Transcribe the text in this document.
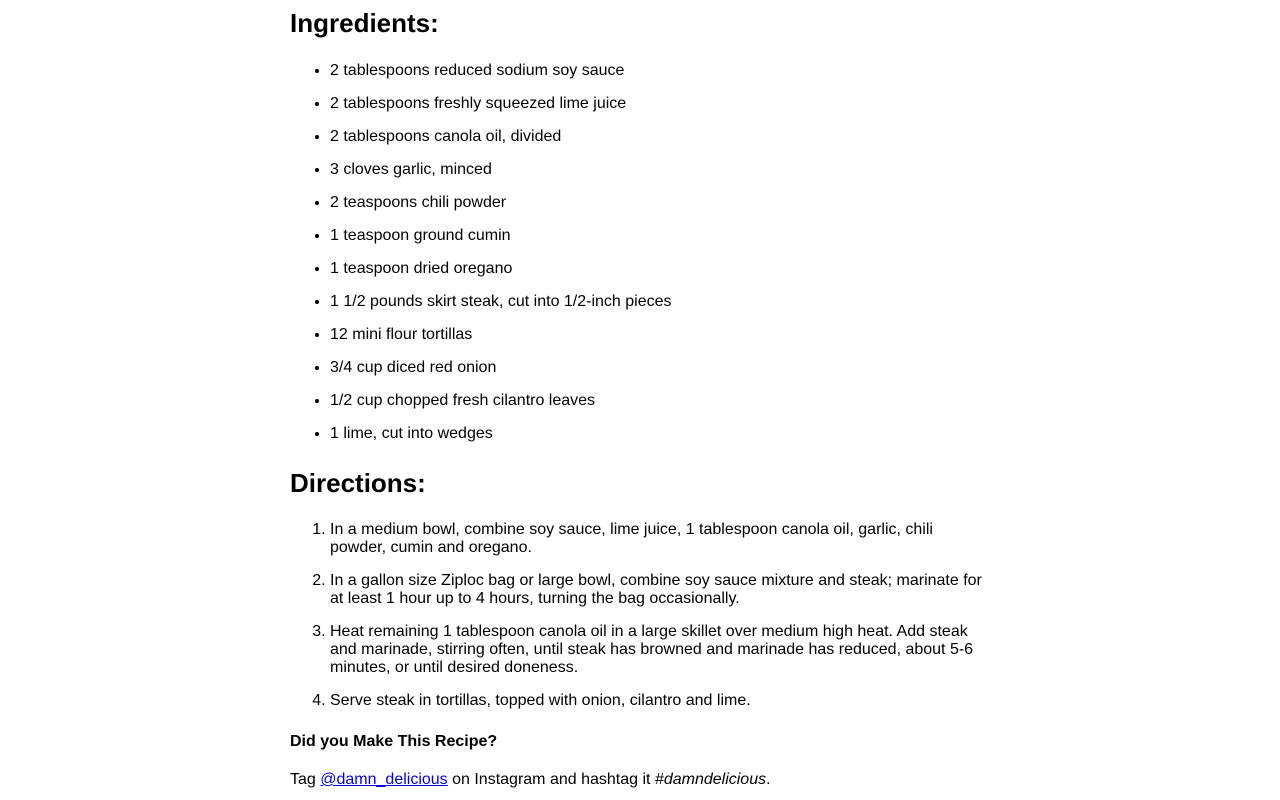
Ingredients:
• 2 tablespoons reduced sodium soy sauce
• 2 tablespoons freshly squeezed lime juice
• 2 tablespoons canola oil, divided
• 3 cloves garlic, minced
• 2 teaspoons chili powder
• 1 teaspoon ground cumin
• 1 teaspoon dried oregano
• 1 1/2 pounds skirt steak, cut into 1/2-inch pieces
• 12 mini flour tortillas
• 3/4 cup diced red onion
• 1/2 cup chopped fresh cilantro leaves
• 1 lime, cut into wedges
Directions:
1. In a medium bowl, combine soy sauce, lime juice, 1 tablespoon canola oil, garlic, chili powder, cumin and oregano.
2. In a gallon size Ziploc bag or large bowl, combine soy sauce mixture and steak; marinate for at least 1 hour up to 4 hours, turning the bag occasionally.
3. Heat remaining 1 tablespoon canola oil in a large skillet over medium high heat. Add steak and marinade, stirring often, until steak has browned and marinade has reduced, about 5-6 minutes, or until desired doneness.
4. Serve steak in tortillas, topped with onion, cilantro and lime.

Did you Make This Recipe?

Tag @damn_delicious on Instagram and hashtag it #damndelicious.
